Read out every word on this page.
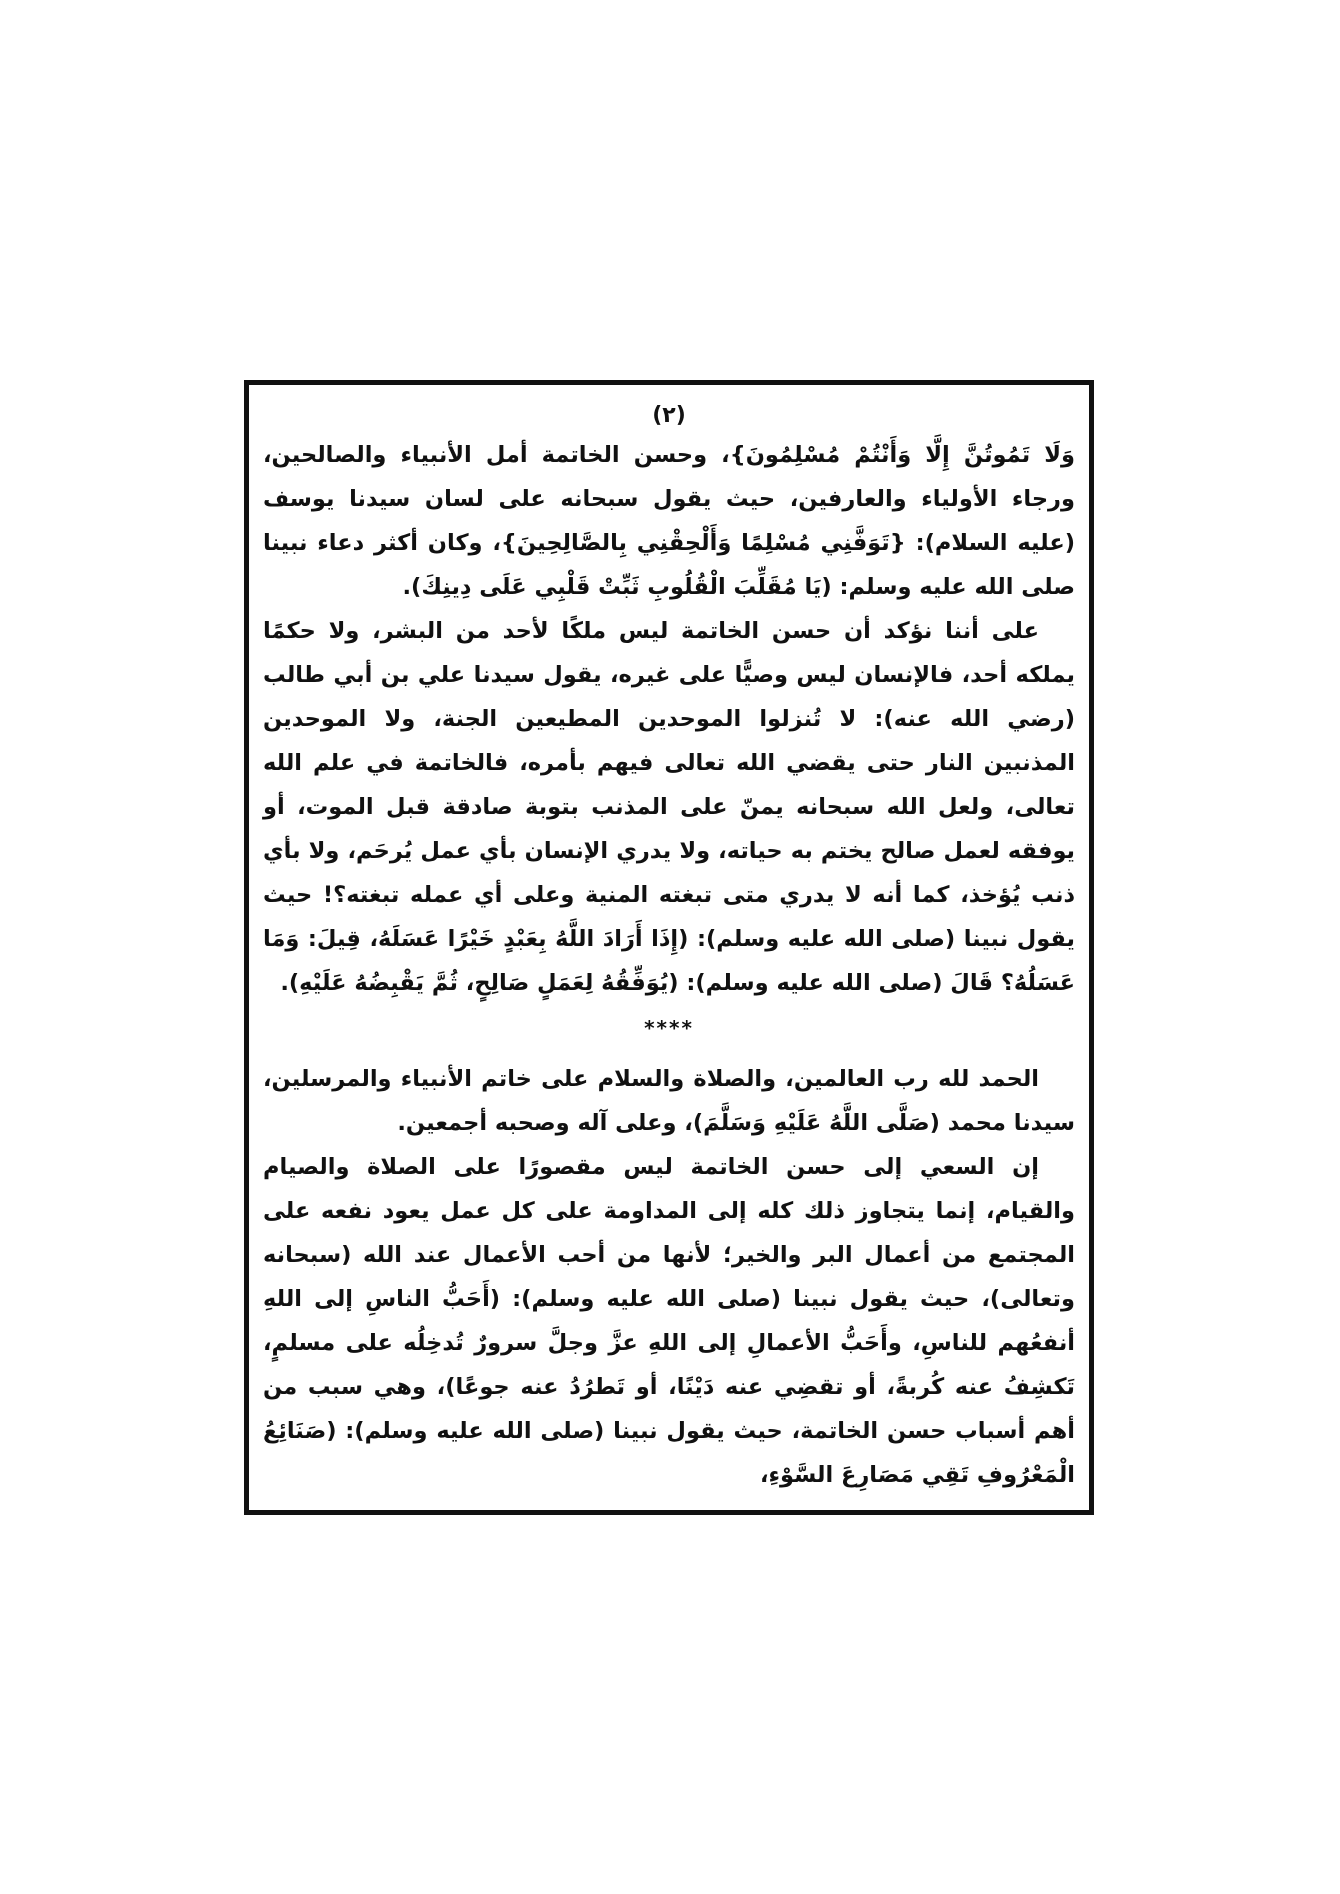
(٢)

وَلَا تَمُوتُنَّ إِلَّا وَأَنْتُمْ مُسْلِمُونَ}، وحسن الخاتمة أمل الأنبياء والصالحين، ورجاء الأولياء والعارفين، حيث يقول سبحانه على لسان سيدنا يوسف (عليه السلام): {تَوَفَّنِي مُسْلِمًا وَأَلْحِقْنِي بِالصَّالِحِينَ}، وكان أكثر دعاء نبينا صلى الله عليه وسلم: (يَا مُقَلِّبَ الْقُلُوبِ ثَبِّتْ قَلْبِي عَلَى دِينِكَ).

على أننا نؤكد أن حسن الخاتمة ليس ملكًا لأحد من البشر، ولا حكمًا يملكه أحد، فالإنسان ليس وصيًّا على غيره، يقول سيدنا علي بن أبي طالب (رضي الله عنه): لا تُنزلوا الموحدين المطيعين الجنة، ولا الموحدين المذنبين النار حتى يقضي الله تعالى فيهم بأمره، فالخاتمة في علم الله تعالى، ولعل الله سبحانه يمنّ على المذنب بتوبة صادقة قبل الموت، أو يوفقه لعمل صالح يختم به حياته، ولا يدري الإنسان بأي عمل يُرحَم، ولا بأي ذنب يُؤخذ، كما أنه لا يدري متى تبغته المنية وعلى أي عمله تبغته؟! حيث يقول نبينا (صلى الله عليه وسلم): (إِذَا أَرَادَ اللَّهُ بِعَبْدٍ خَيْرًا عَسَلَهُ، قِيلَ: وَمَا عَسَلُهُ؟ قَالَ (صلى الله عليه وسلم): (يُوَفِّقُهُ لِعَمَلٍ صَالِحٍ، ثُمَّ يَقْبِضُهُ عَلَيْهِ).

****

الحمد لله رب العالمين، والصلاة والسلام على خاتم الأنبياء والمرسلين، سيدنا محمد (صَلَّى اللَّهُ عَلَيْهِ وَسَلَّمَ)، وعلى آله وصحبه أجمعين.

إن السعي إلى حسن الخاتمة ليس مقصورًا على الصلاة والصيام والقيام، إنما يتجاوز ذلك كله إلى المداومة على كل عمل يعود نفعه على المجتمع من أعمال البر والخير؛ لأنها من أحب الأعمال عند الله (سبحانه وتعالى)، حيث يقول نبينا (صلى الله عليه وسلم): (أَحَبُّ الناسِ إلى اللهِ أنفعُهم للناسِ، وأَحَبُّ الأعمالِ إلى اللهِ عزَّ وجلَّ سرورٌ تُدخِلُه على مسلمٍ، تَكشِفُ عنه كُربةً، أو تقضِي عنه دَيْنًا، أو تَطرُدُ عنه جوعًا)، وهي سبب من أهم أسباب حسن الخاتمة، حيث يقول نبينا (صلى الله عليه وسلم): (صَنَائِعُ الْمَعْرُوفِ تَقِي مَصَارِعَ السَّوْءِ،
